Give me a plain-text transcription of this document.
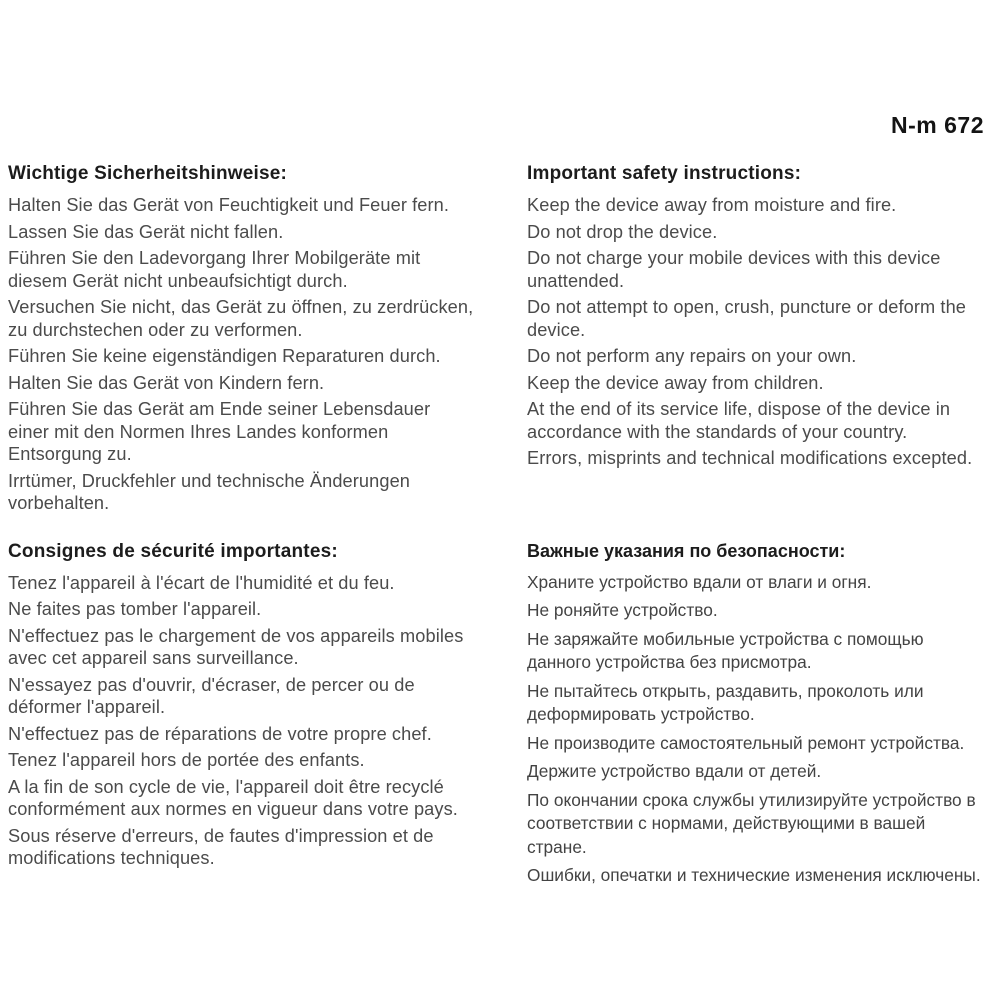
N-m 672
Wichtige Sicherheitshinweise:

Halten Sie das Gerät von Feuchtigkeit und Feuer fern.

Lassen Sie das Gerät nicht fallen.

Führen Sie den Ladevorgang Ihrer Mobilgeräte mit diesem Gerät nicht unbeaufsichtigt durch.

Versuchen Sie nicht, das Gerät zu öffnen, zu zerdrücken, zu durchstechen oder zu verformen.

Führen Sie keine eigenständigen Reparaturen durch.

Halten Sie das Gerät von Kindern fern.

Führen Sie das Gerät am Ende seiner Lebensdauer einer mit den Normen Ihres Landes konformen Entsorgung zu.

Irrtümer, Druckfehler und technische Änderungen vorbehalten.

Important safety instructions:

Keep the device away from moisture and fire.

Do not drop the device.

Do not charge your mobile devices with this device unattended.

Do not attempt to open, crush, puncture or deform the device.

Do not perform any repairs on your own.

Keep the device away from children.

At the end of its service life, dispose of the device in accordance with the standards of your country.

Errors, misprints and technical modifications excepted.

Consignes de sécurité importantes:

Tenez l'appareil à l'écart de l'humidité et du feu.

Ne faites pas tomber l'appareil.

N'effectuez pas le chargement de vos appareils mobiles avec cet appareil sans surveillance.

N'essayez pas d'ouvrir, d'écraser, de percer ou de déformer l'appareil.

N'effectuez pas de réparations de votre propre chef.

Tenez l'appareil hors de portée des enfants.

A la fin de son cycle de vie, l'appareil doit être recyclé conformément aux normes en vigueur dans votre pays.

Sous réserve d'erreurs, de fautes d'impression et de modifications techniques.

Важные указания по безопасности:

Храните устройство вдали от влаги и огня.

Не роняйте устройство.

Не заряжайте мобильные устройства с помощью данного устройства без присмотра.

Не пытайтесь открыть, раздавить, проколоть или деформировать устройство.

Не производите самостоятельный ремонт устройства.

Держите устройство вдали от детей.

По окончании срока службы утилизируйте устройство в соответствии с нормами, действующими в вашей стране.

Ошибки, опечатки и технические изменения исключены.
